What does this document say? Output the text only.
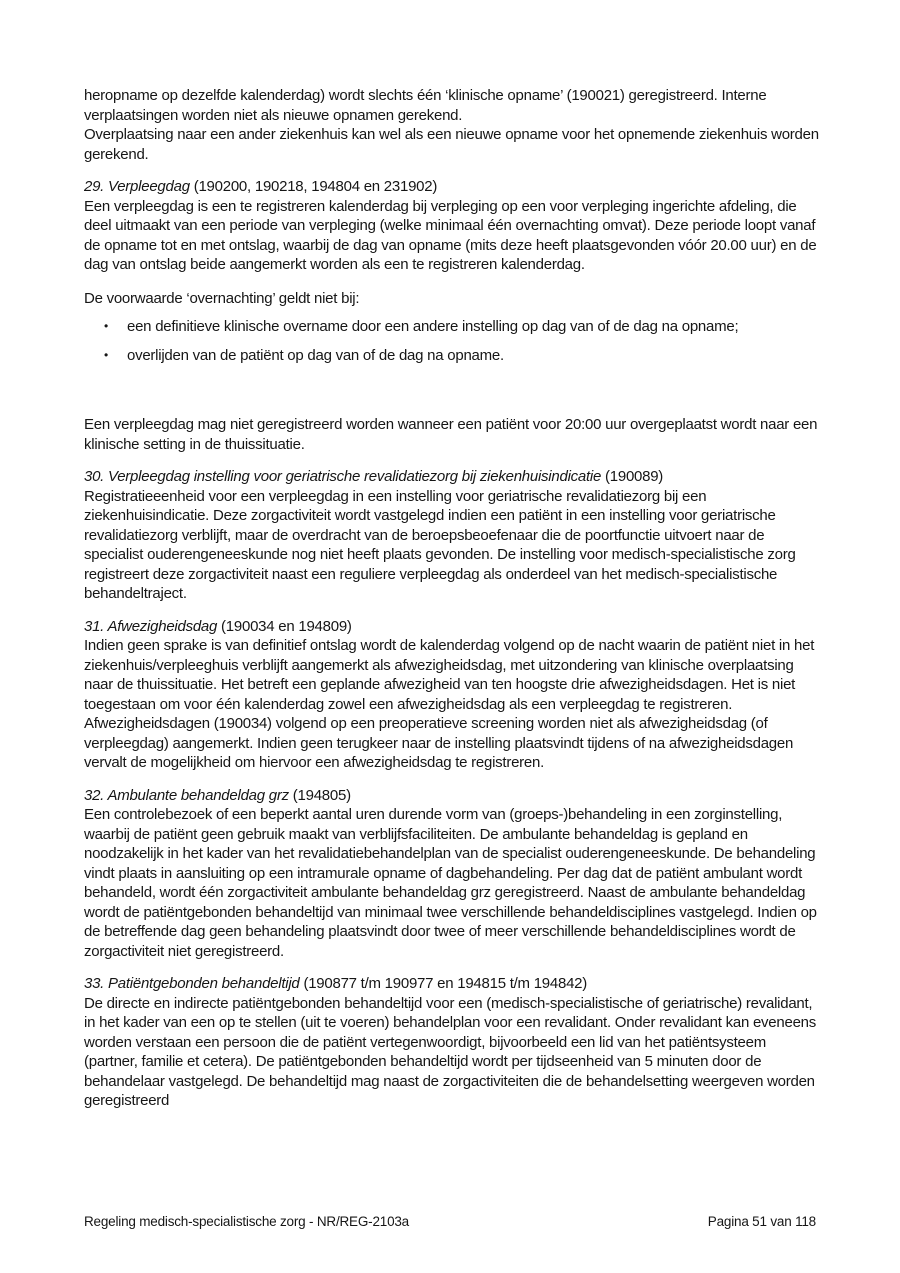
heropname op dezelfde kalenderdag) wordt slechts één ‘klinische opname’ (190021) geregistreerd. Interne verplaatsingen worden niet als nieuwe opnamen gerekend.

Overplaatsing naar een ander ziekenhuis kan wel als een nieuwe opname voor het opnemende ziekenhuis worden gerekend.

29. Verpleegdag (190200, 190218, 194804 en 231902)

Een verpleegdag is een te registreren kalenderdag bij verpleging op een voor verpleging ingerichte afdeling, die deel uitmaakt van een periode van verpleging (welke minimaal één overnachting omvat). Deze periode loopt vanaf de opname tot en met ontslag, waarbij de dag van opname (mits deze heeft plaatsgevonden vóór 20.00 uur) en de dag van ontslag beide aangemerkt worden als een te registreren kalenderdag.

De voorwaarde ‘overnachting’ geldt niet bij:

• een definitieve klinische overname door een andere instelling op dag van of de dag na opname;
• overlijden van de patiënt op dag van of de dag na opname.

Een verpleegdag mag niet geregistreerd worden wanneer een patiënt voor 20:00 uur overgeplaatst wordt naar een klinische setting in de thuissituatie.

30. Verpleegdag instelling voor geriatrische revalidatiezorg bij ziekenhuisindicatie (190089)

Registratieeenheid voor een verpleegdag in een instelling voor geriatrische revalidatiezorg bij een ziekenhuisindicatie. Deze zorgactiviteit wordt vastgelegd indien een patiënt in een instelling voor geriatrische revalidatiezorg verblijft, maar de overdracht van de beroepsbeoefenaar die de poortfunctie uitvoert naar de specialist ouderengeneeskunde nog niet heeft plaats gevonden. De instelling voor medisch-specialistische zorg registreert deze zorgactiviteit naast een reguliere verpleegdag als onderdeel van het medisch-specialistische behandeltraject.

31. Afwezigheidsdag (190034 en 194809)

Indien geen sprake is van definitief ontslag wordt de kalenderdag volgend op de nacht waarin de patiënt niet in het ziekenhuis/verpleeghuis verblijft aangemerkt als afwezigheidsdag, met uitzondering van klinische overplaatsing naar de thuissituatie. Het betreft een geplande afwezigheid van ten hoogste drie afwezigheidsdagen. Het is niet toegestaan om voor één kalenderdag zowel een afwezigheidsdag als een verpleegdag te registreren.

Afwezigheidsdagen (190034) volgend op een preoperatieve screening worden niet als afwezigheidsdag (of verpleegdag) aangemerkt. Indien geen terugkeer naar de instelling plaatsvindt tijdens of na afwezigheidsdagen vervalt de mogelijkheid om hiervoor een afwezigheidsdag te registreren.

32. Ambulante behandeldag grz (194805)

Een controlebezoek of een beperkt aantal uren durende vorm van (groeps-)behandeling in een zorginstelling, waarbij de patiënt geen gebruik maakt van verblijfsfaciliteiten. De ambulante behandeldag is gepland en noodzakelijk in het kader van het revalidatiebehandelplan van de specialist ouderengeneeskunde. De behandeling vindt plaats in aansluiting op een intramurale opname of dagbehandeling. Per dag dat de patiënt ambulant wordt behandeld, wordt één zorgactiviteit ambulante behandeldag grz geregistreerd. Naast de ambulante behandeldag wordt de patiëntgebonden behandeltijd van minimaal twee verschillende behandeldisciplines vastgelegd. Indien op de betreffende dag geen behandeling plaatsvindt door twee of meer verschillende behandeldisciplines wordt de zorgactiviteit niet geregistreerd.

33. Patiëntgebonden behandeltijd (190877 t/m 190977 en 194815 t/m 194842)

De directe en indirecte patiëntgebonden behandeltijd voor een (medisch-specialistische of geriatrische) revalidant, in het kader van een op te stellen (uit te voeren) behandelplan voor een revalidant. Onder revalidant kan eveneens worden verstaan een persoon die de patiënt vertegenwoordigt, bijvoorbeeld een lid van het patiëntsysteem (partner, familie et cetera). De patiëntgebonden behandeltijd wordt per tijdseenheid van 5 minuten door de behandelaar vastgelegd. De behandeltijd mag naast de zorgactiviteiten die de behandelsetting weergeven worden geregistreerd

Regeling medisch-specialistische zorg - NR/REG-2103a	Pagina 51 van 118
